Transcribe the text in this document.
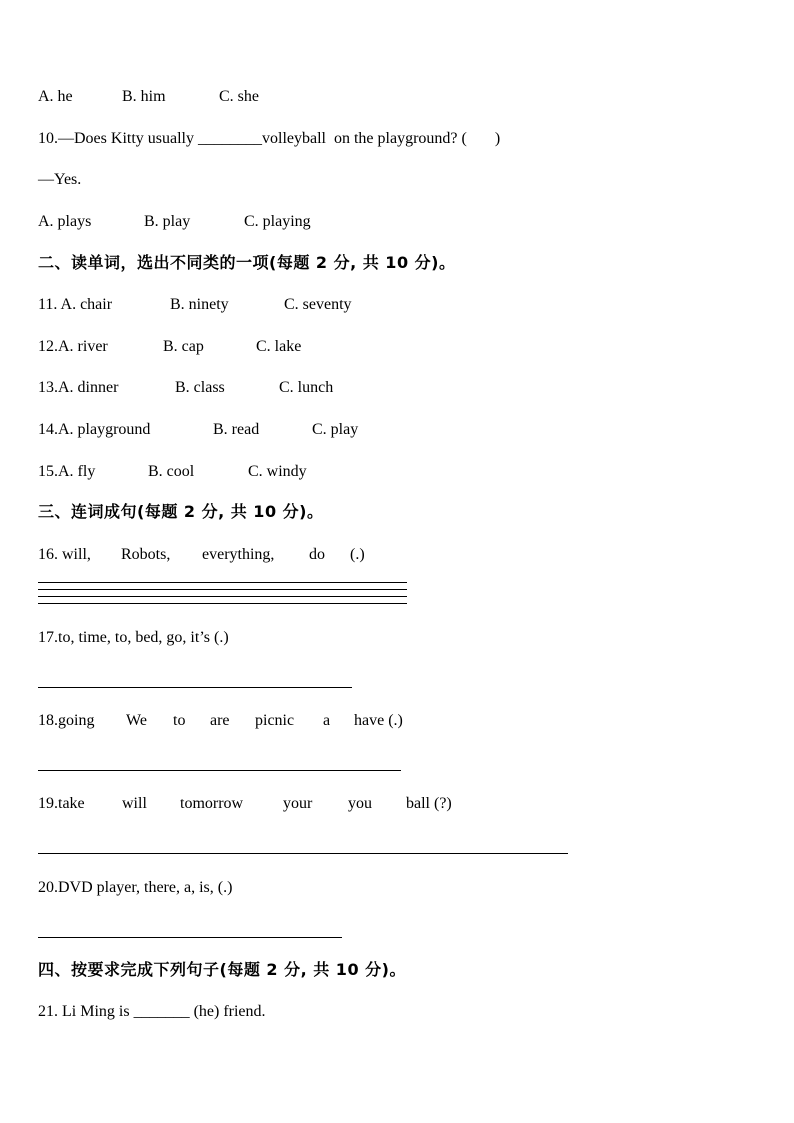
A. he	B. him	C. she
10.—Does Kitty usually ________volleyball  on the playground? (       )
—Yes.
A. plays	B. play	C. playing
二、读单词，选出不同类的一项(每题 2 分, 共 10 分)。
11. A. chair	B. ninety	C. seventy
12.A. river	B. cap	C. lake
13.A. dinner	B. class	C. lunch
14.A. playground	B. read	C. play
15.A. fly	B. cool	C. windy
三、连词成句(每题 2 分, 共 10 分)。
16. will, Robots, everything, do (.)
17.to, time, to, bed, go, it’s (.)
18.going We to are picnic a have (.)
19.take will tomorrow your you ball (?)
20.DVD player, there, a, is, (.)
四、按要求完成下列句子(每题 2 分, 共 10 分)。
21. Li Ming is _______ (he) friend.
